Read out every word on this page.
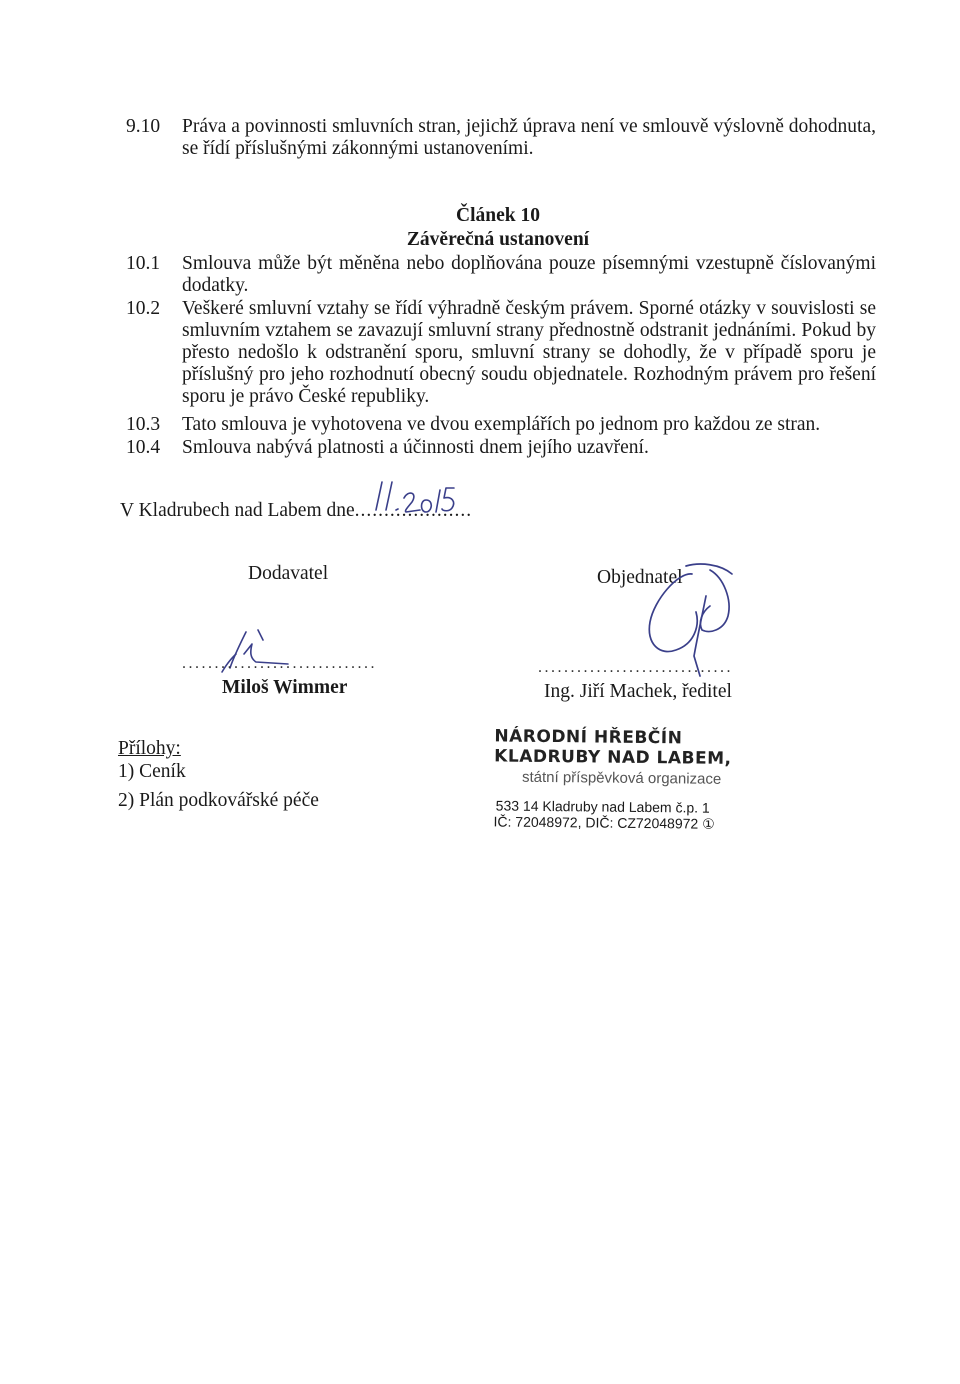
9.10	Práva a povinnosti smluvních stran, jejichž úprava není ve smlouvě výslovně dohodnuta, se řídí příslušnými zákonnými ustanoveními.
Článek 10
Závěrečná ustanovení
10.1	Smlouva může být měněna nebo doplňována pouze písemnými vzestupně číslovanými dodatky.
10.2	Veškeré smluvní vztahy se řídí výhradně českým právem. Sporné otázky v souvislosti se smluvním vztahem se zavazují smluvní strany přednostně odstranit jednáními. Pokud by přesto nedošlo k odstranění sporu, smluvní strany se dohodly, že v případě sporu je příslušný pro jeho rozhodnutí obecný soudu objednatele. Rozhodným právem pro řešení sporu je právo České republiky.
10.3	Tato smlouva je vyhotovena ve dvou exemplářích po jednom pro každou ze stran.
10.4	Smlouva nabývá platnosti a účinnosti dnem jejího uzavření.
V Kladrubech nad Labem dne....................
Dodavatel
..............................
Miloš Wimmer
Objednatel
..............................
Ing. Jiří Machek, ředitel
Přílohy:
1) Ceník
2) Plán podkovářské péče
NÁRODNÍ HŘEBČÍN KLADRUBY NAD LABEM,
státní příspěvková organizace
533 14 Kladruby nad Labem č.p. 1
IČ: 72048972, DIČ: CZ72048972 ①
